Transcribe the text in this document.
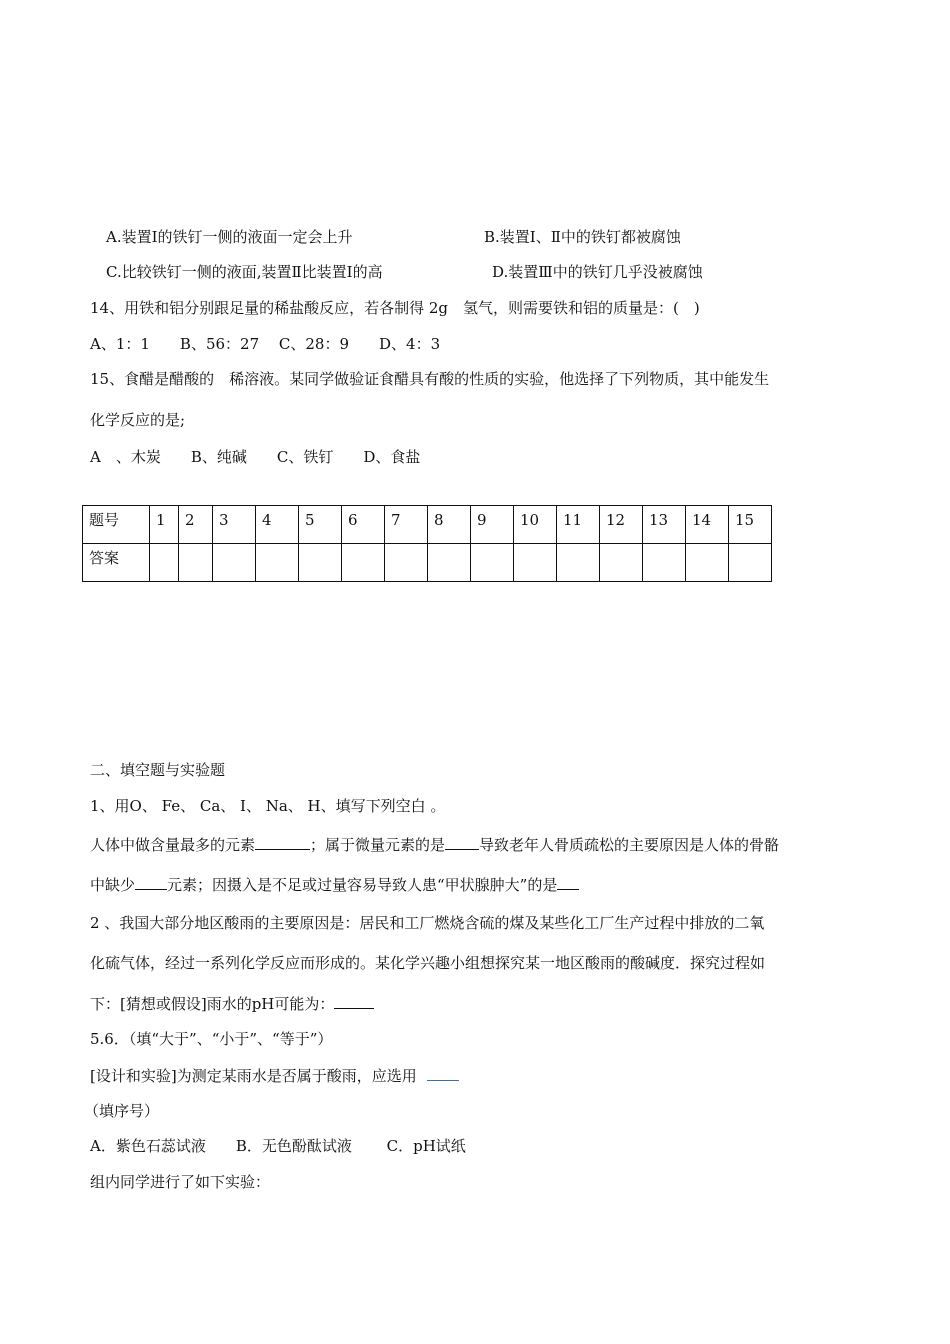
A.装置Ⅰ的铁钉一侧的液面一定会上升	B.装置Ⅰ、Ⅱ中的铁钉都被腐蚀
C.比较铁钉一侧的液面,装置Ⅱ比装置Ⅰ的高	D.装置Ⅲ中的铁钉几乎没被腐蚀
14、用铁和铝分别跟足量的稀盐酸反应，若各制得 2g　氢气，则需要铁和铝的质量是：(　)
A、1：1　　B、56：27　 C、28：9　　D、4：3
15、食醋是醋酸的　稀溶液。某同学做验证食醋具有酸的性质的实验，他选择了下列物质，其中能发生
化学反应的是;
A　、木炭　　B、纯碱　　C、铁钉　　D、食盐
题号	1	2	3	4	5	6	7	8	9	10	11	12	13	14	15
答案															
二、填空题与实验题
1、用O、 Fe、 Ca、 I、 Na、 H、填写下列空白 。
人体中做含量最多的元素	；属于微量元素的是 导致老年人骨质疏松的主要原因是人体的骨骼
中缺少 元素；因摄入是不足或过量容易导致人患“甲状腺肿大”的是
2 、我国大部分地区酸雨的主要原因是：居民和工厂燃烧含硫的煤及某些化工厂生产过程中排放的二氧
化硫气体，经过一系列化学反应而形成的。某化学兴趣小组想探究某一地区酸雨的酸碱度．探究过程如
下：[猜想或假设]雨水的pH可能为：
5.6．（填“大于”、“小于”、“等于”）
[设计和实验]为测定某雨水是否属于酸雨，应选用
（填序号）
A．紫色石蕊试液　　B．无色酚酞试液　　 C．pH试纸
组内同学进行了如下实验：
